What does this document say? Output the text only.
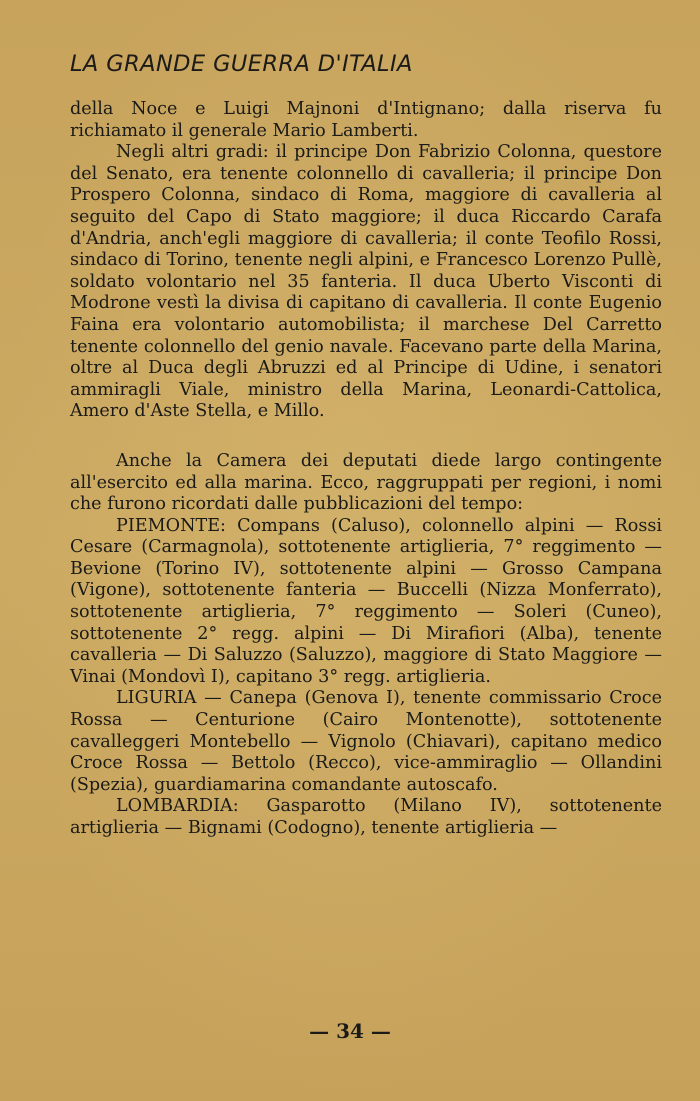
LA GRANDE GUERRA D'ITALIA

della Noce e Luigi Majnoni d'Intignano; dalla riserva fu richiamato il generale Mario Lamberti.

Negli altri gradi: il principe Don Fabrizio Colonna, questore del Senato, era tenente colonnello di cavalleria; il principe Don Prospero Colonna, sindaco di Roma, maggiore di cavalleria al seguito del Capo di Stato maggiore; il duca Riccardo Carafa d'Andria, anch'egli maggiore di cavalleria; il conte Teofilo Rossi, sindaco di Torino, tenente negli alpini, e Francesco Lorenzo Pullè, soldato volontario nel 35 fanteria. Il duca Uberto Visconti di Modrone vestì la divisa di capitano di cavalleria. Il conte Eugenio Faina era volontario automobilista; il marchese Del Carretto tenente colonnello del genio navale. Facevano parte della Marina, oltre al Duca degli Abruzzi ed al Principe di Udine, i senatori ammiragli Viale, ministro della Marina, Leonardi-Cattolica, Amero d'Aste Stella, e Millo.

Anche la Camera dei deputati diede largo contingente all'esercito ed alla marina. Ecco, raggruppati per regioni, i nomi che furono ricordati dalle pubblicazioni del tempo:

PIEMONTE: Compans (Caluso), colonnello alpini — Rossi Cesare (Carmagnola), sottotenente artiglieria, 7° reggimento — Bevione (Torino IV), sottotenente alpini — Grosso Campana (Vigone), sottotenente fanteria — Buccelli (Nizza Monferrato), sottotenente artiglieria, 7° reggimento — Soleri (Cuneo), sottotenente 2° regg. alpini — Di Mirafiori (Alba), tenente cavalleria — Di Saluzzo (Saluzzo), maggiore di Stato Maggiore — Vinai (Mondovì I), capitano 3° regg. artiglieria.

LIGURIA — Canepa (Genova I), tenente commissario Croce Rossa — Centurione (Cairo Montenotte), sottotenente cavalleggeri Montebello — Vignolo (Chiavari), capitano medico Croce Rossa — Bettolo (Recco), vice-ammiraglio — Ollandini (Spezia), guardiamarina comandante autoscafo.

LOMBARDIA: Gasparotto (Milano IV), sottotenente artiglieria — Bignami (Codogno), tenente artiglieria —

— 34 —
